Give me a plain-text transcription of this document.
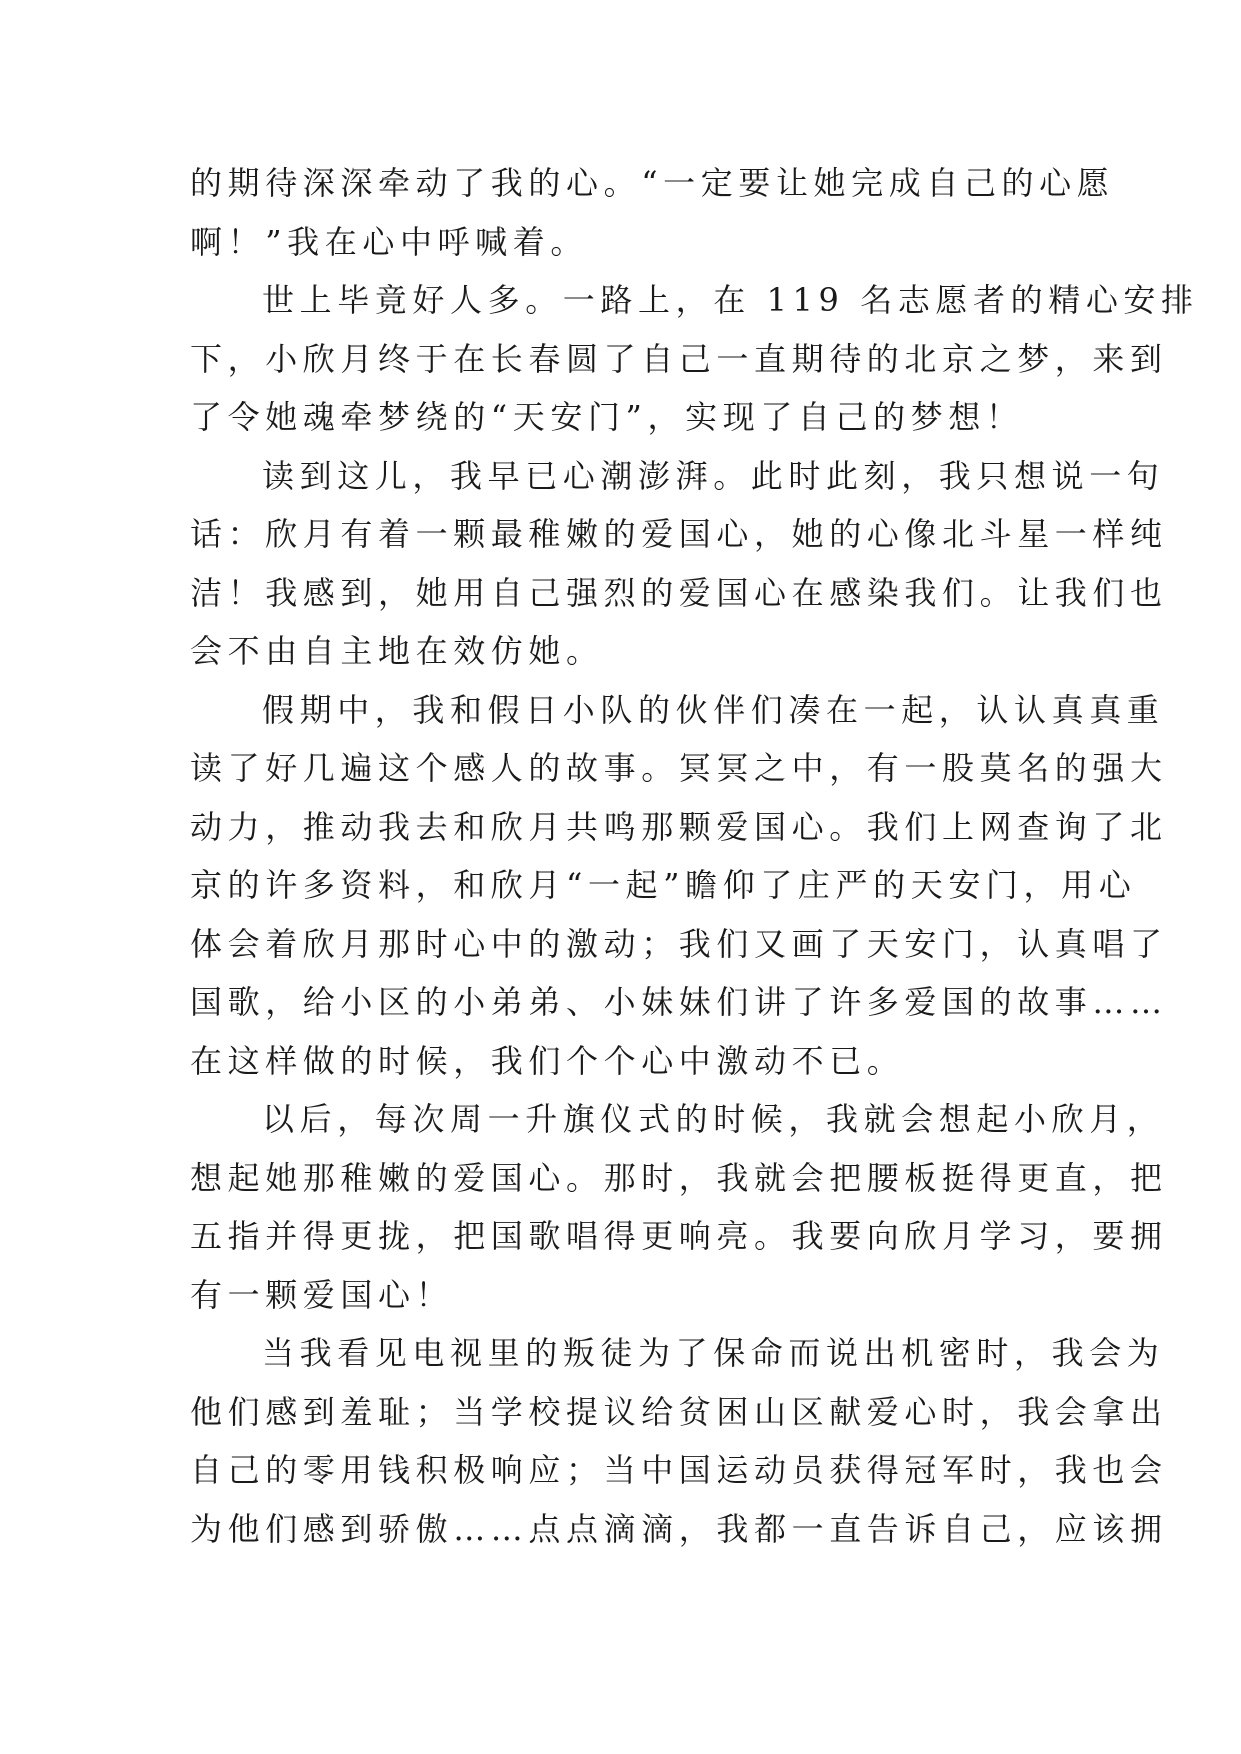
的期待深深牵动了我的心。“一定要让她完成自己的心愿
啊！”我在心中呼喊着。
世上毕竟好人多。一路上，在 119 名志愿者的精心安排
下，小欣月终于在长春圆了自己一直期待的北京之梦，来到
了令她魂牵梦绕的“天安门”，实现了自己的梦想！
读到这儿，我早已心潮澎湃。此时此刻，我只想说一句
话：欣月有着一颗最稚嫩的爱国心，她的心像北斗星一样纯
洁！我感到，她用自己强烈的爱国心在感染我们。让我们也
会不由自主地在效仿她。
假期中，我和假日小队的伙伴们凑在一起，认认真真重
读了好几遍这个感人的故事。冥冥之中，有一股莫名的强大
动力，推动我去和欣月共鸣那颗爱国心。我们上网查询了北
京的许多资料，和欣月“一起”瞻仰了庄严的天安门，用心
体会着欣月那时心中的激动；我们又画了天安门，认真唱了
国歌，给小区的小弟弟、小妹妹们讲了许多爱国的故事……
在这样做的时候，我们个个心中激动不已。
以后，每次周一升旗仪式的时候，我就会想起小欣月，
想起她那稚嫩的爱国心。那时，我就会把腰板挺得更直，把
五指并得更拢，把国歌唱得更响亮。我要向欣月学习，要拥
有一颗爱国心！
当我看见电视里的叛徒为了保命而说出机密时，我会为
他们感到羞耻；当学校提议给贫困山区献爱心时，我会拿出
自己的零用钱积极响应；当中国运动员获得冠军时，我也会
为他们感到骄傲……点点滴滴，我都一直告诉自己，应该拥
